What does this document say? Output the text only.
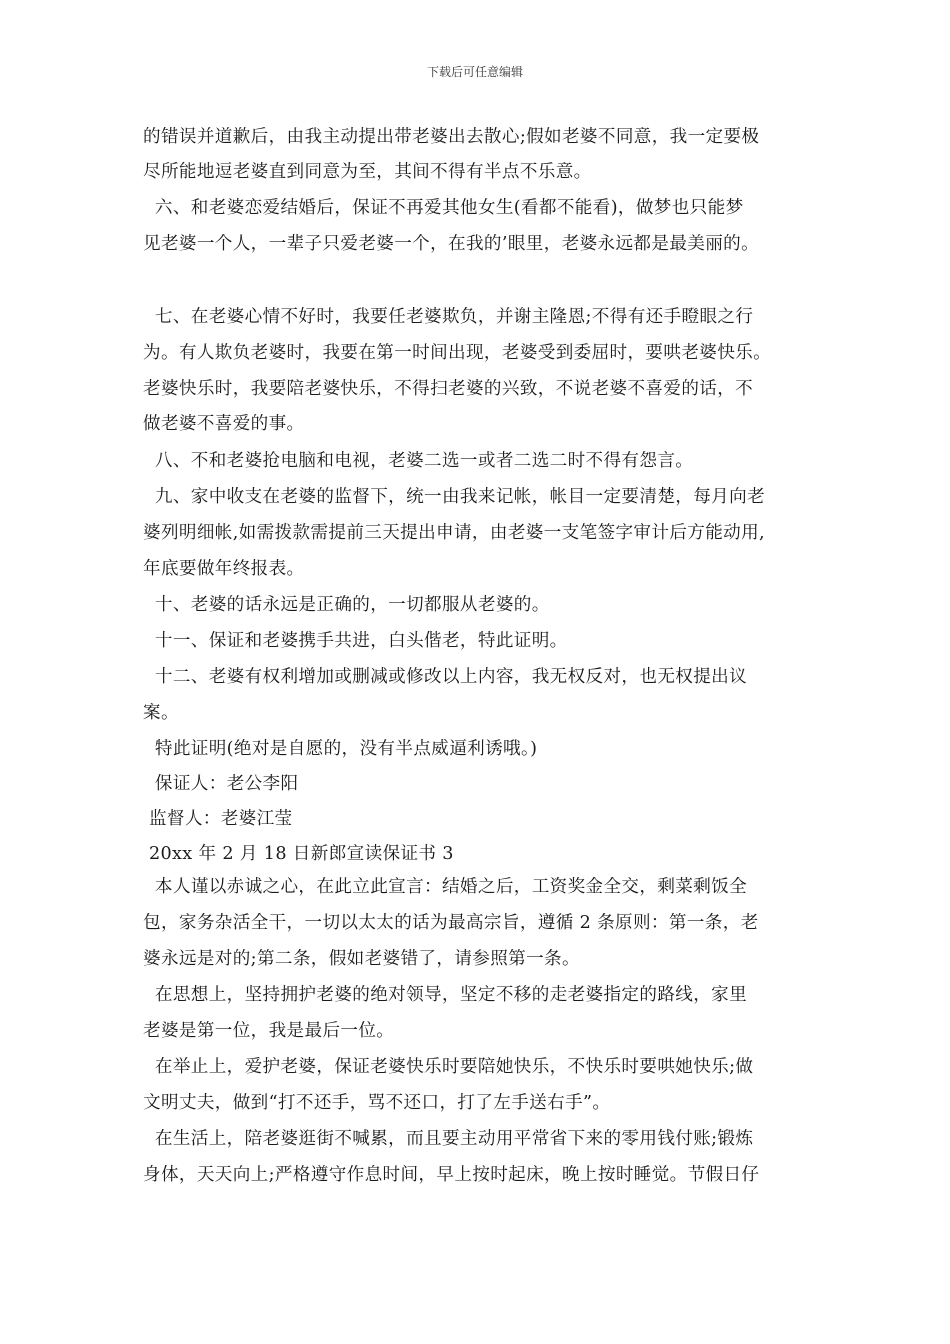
下载后可任意编辑
的错误并道歉后，由我主动提出带老婆出去散心;假如老婆不同意，我一定要极
尽所能地逗老婆直到同意为至，其间不得有半点不乐意。
六、和老婆恋爱结婚后，保证不再爱其他女生(看都不能看)，做梦也只能梦
见老婆一个人，一辈子只爱老婆一个，在我的’眼里，老婆永远都是最美丽的。
七、在老婆心情不好时，我要任老婆欺负，并谢主隆恩;不得有还手瞪眼之行
为。有人欺负老婆时，我要在第一时间出现，老婆受到委屈时，要哄老婆快乐。
老婆快乐时，我要陪老婆快乐，不得扫老婆的兴致，不说老婆不喜爱的话，不
做老婆不喜爱的事。
八、不和老婆抢电脑和电视，老婆二选一或者二选二时不得有怨言。
九、家中收支在老婆的监督下，统一由我来记帐，帐目一定要清楚，每月向老
婆列明细帐,如需拨款需提前三天提出申请，由老婆一支笔签字审计后方能动用,
年底要做年终报表。
十、老婆的话永远是正确的，一切都服从老婆的。
十一、保证和老婆携手共进，白头偕老，特此证明。
十二、老婆有权利增加或删减或修改以上内容，我无权反对，也无权提出议
案。
特此证明(绝对是自愿的，没有半点威逼利诱哦。)
保证人：老公李阳
监督人：老婆江莹
20xx 年 2 月 18 日新郎宣读保证书 3
本人谨以赤诚之心，在此立此宣言：结婚之后，工资奖金全交，剩菜剩饭全
包，家务杂活全干，一切以太太的话为最高宗旨，遵循 2 条原则：第一条，老
婆永远是对的;第二条，假如老婆错了，请参照第一条。
在思想上，坚持拥护老婆的绝对领导，坚定不移的走老婆指定的路线，家里
老婆是第一位，我是最后一位。
在举止上，爱护老婆，保证老婆快乐时要陪她快乐，不快乐时要哄她快乐;做
文明丈夫，做到“打不还手，骂不还口，打了左手送右手”。
在生活上，陪老婆逛街不喊累，而且要主动用平常省下来的零用钱付账;锻炼
身体，天天向上;严格遵守作息时间，早上按时起床，晚上按时睡觉。节假日仔
